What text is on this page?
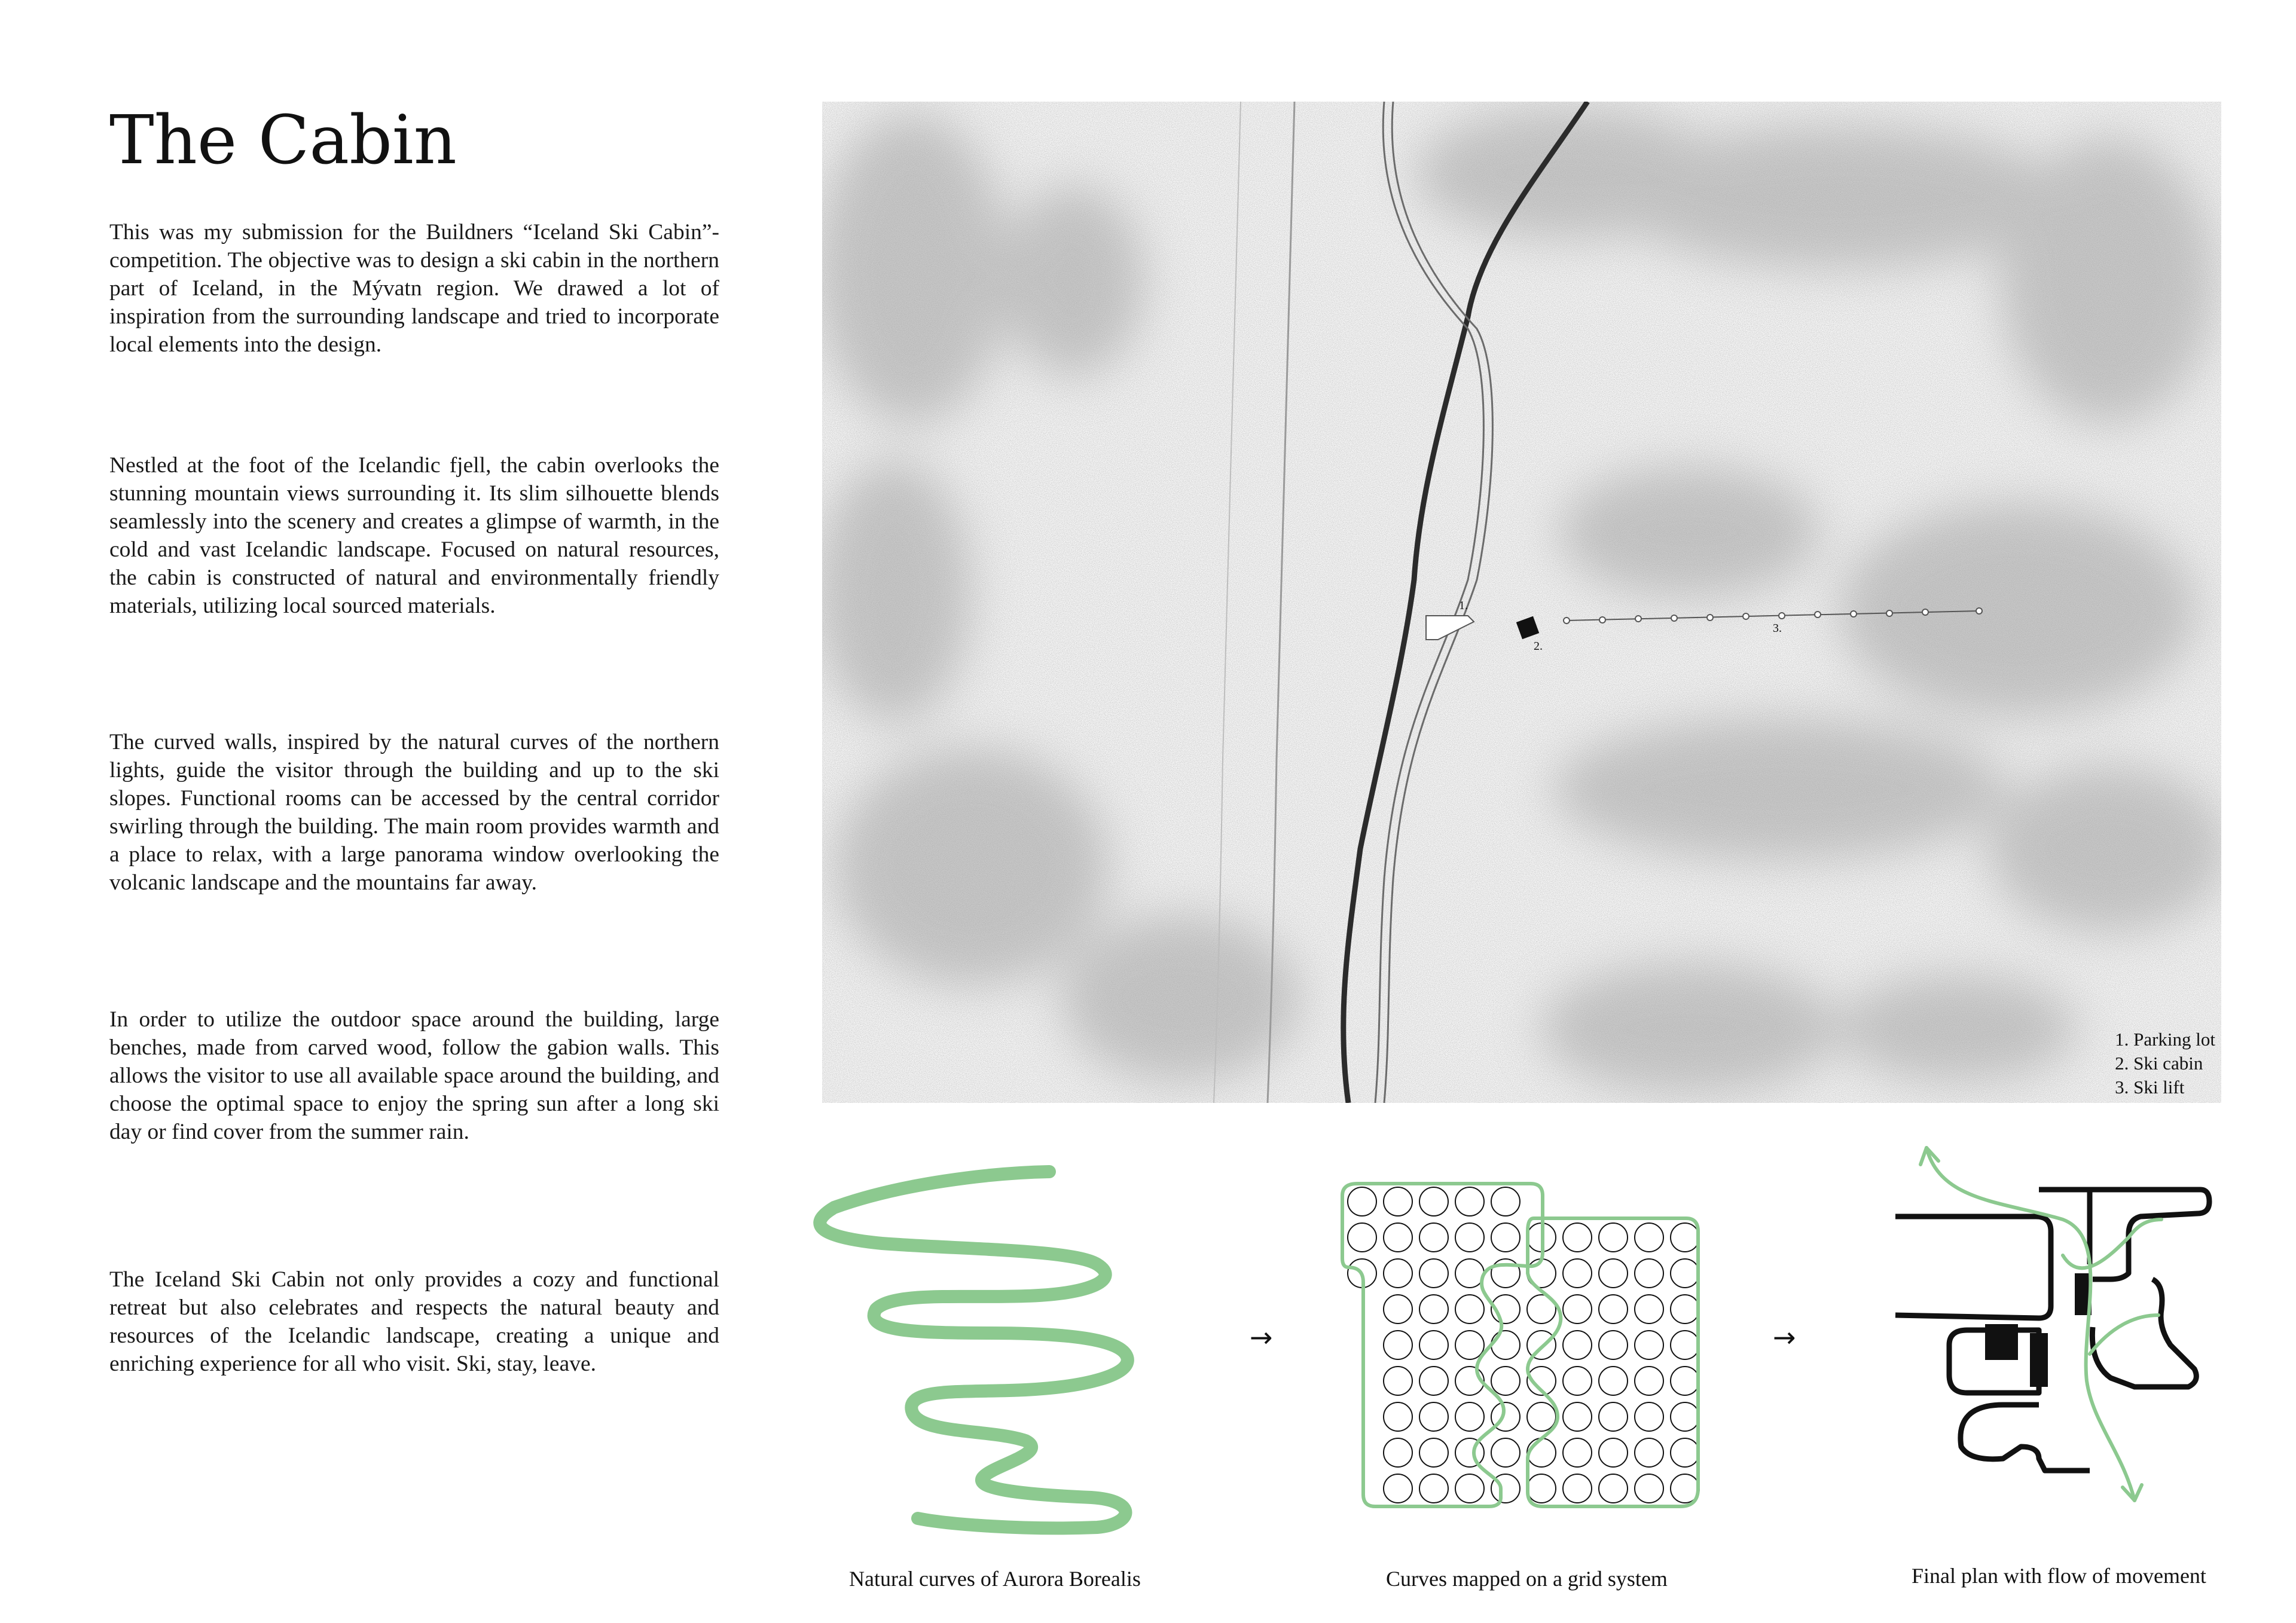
The Cabin

This was my submission for the Buildners “Iceland Ski Cabin”- competition. The objective was to design a ski cabin in the northern part of Iceland, in the Mývatn region. We drawed a lot of inspiration from the surrounding landscape and tried to incorporate local elements into the design.

Nestled at the foot of the Icelandic fjell, the cabin overlooks the stunning mountain views surrounding it. Its slim silhouette blends seamlessly into the scenery and creates a glimpse of warmth, in the cold and vast Icelandic landscape. Focused on natural resources, the cabin is constructed of natural and environmentally friendly materials, utilizing local sourced materials.

The curved walls, inspired by the natural curves of the northern lights, guide the visitor through the building and up to the ski slopes. Functional rooms can be accessed by the central corridor swirling through the building. The main room provides warmth and a place to relax, with a large panorama window overlooking the volcanic landscape and the mountains far away.

In order to utilize the outdoor space around the building, large benches, made from carved wood, follow the gabion walls. This allows the visitor to use all available space around the building, and choose the optimal space to enjoy the spring sun after a long ski day or find cover from the summer rain.

The Iceland Ski Cabin not only provides a cozy and functional retreat but also celebrates and respects the natural beauty and resources of the Icelandic landscape, creating a unique and enriching experience for all who visit. Ski, stay, leave.

1.
2.
3.
1. Parking lot
2. Ski cabin
3. Ski lift
→	→
Natural curves of Aurora Borealis	Curves mapped on a grid system	Final plan with flow of movement
